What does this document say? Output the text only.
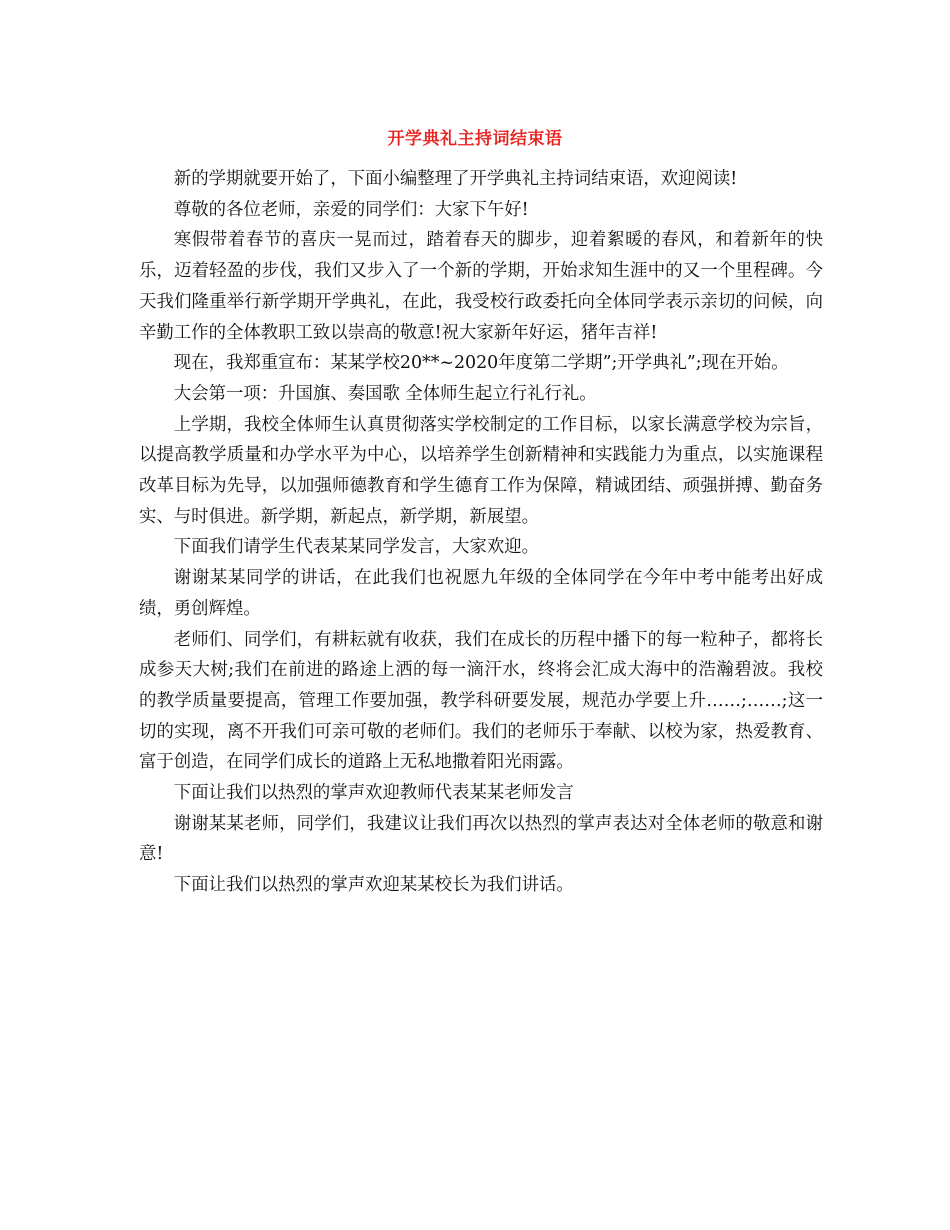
开学典礼主持词结束语

新的学期就要开始了，下面小编整理了开学典礼主持词结束语，欢迎阅读!

尊敬的各位老师，亲爱的同学们：大家下午好!

寒假带着春节的喜庆一晃而过，踏着春天的脚步，迎着絮暖的春风，和着新年的快乐，迈着轻盈的步伐，我们又步入了一个新的学期，开始求知生涯中的又一个里程碑。今天我们隆重举行新学期开学典礼，在此，我受校行政委托向全体同学表示亲切的问候，向辛勤工作的全体教职工致以崇高的敬意!祝大家新年好运，猪年吉祥!

现在，我郑重宣布：某某学校20**~2020年度第二学期”;开学典礼”;现在开始。

大会第一项：升国旗、奏国歌 全体师生起立行礼行礼。

上学期，我校全体师生认真贯彻落实学校制定的工作目标，以家长满意学校为宗旨，以提高教学质量和办学水平为中心，以培养学生创新精神和实践能力为重点，以实施课程改革目标为先导，以加强师德教育和学生德育工作为保障，精诚团结、顽强拼搏、勤奋务实、与时俱进。新学期，新起点，新学期，新展望。

下面我们请学生代表某某同学发言，大家欢迎。

谢谢某某同学的讲话，在此我们也祝愿九年级的全体同学在今年中考中能考出好成绩，勇创辉煌。

老师们、同学们，有耕耘就有收获，我们在成长的历程中播下的每一粒种子，都将长成参天大树;我们在前进的路途上洒的每一滴汗水，终将会汇成大海中的浩瀚碧波。我校的教学质量要提高，管理工作要加强，教学科研要发展，规范办学要上升……;……;这一切的实现，离不开我们可亲可敬的老师们。我们的老师乐于奉献、以校为家，热爱教育、富于创造，在同学们成长的道路上无私地撒着阳光雨露。

下面让我们以热烈的掌声欢迎教师代表某某老师发言

谢谢某某老师，同学们，我建议让我们再次以热烈的掌声表达对全体老师的敬意和谢意!

下面让我们以热烈的掌声欢迎某某校长为我们讲话。
